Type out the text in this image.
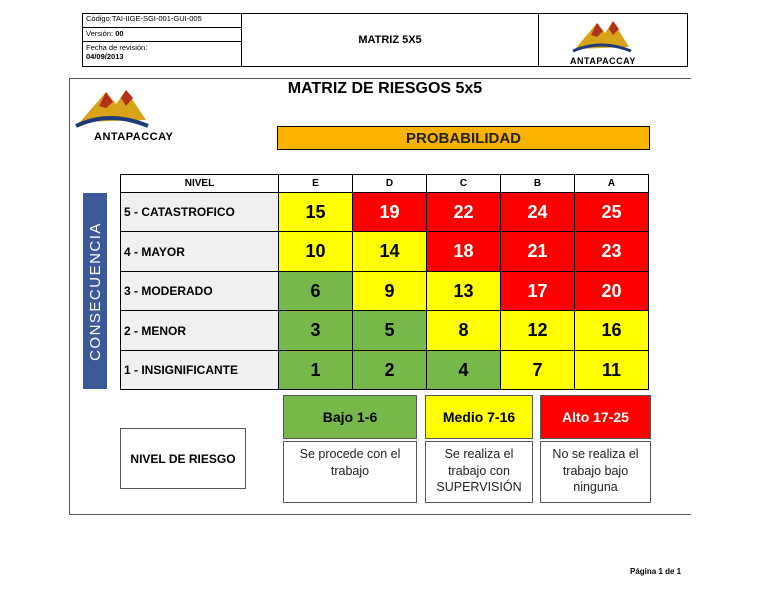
Código:TAI-IIGE-SGI-001-GUI-005
Versión: 00
Fecha de revisión:
04/09/2013
MATRIZ 5X5
ANTAPACCAY
ANTAPACCAY
MATRIZ DE RIESGOS 5x5
PROBABILIDAD
CONSECUENCIA
NIVEL	E	D	C	B	A
5 - CATASTROFICO	15	19	22	24	25
4 - MAYOR	10	14	18	21	23
3 - MODERADO	6	9	13	17	20
2 - MENOR	3	5	8	12	16
1 - INSIGNIFICANTE	1	2	4	7	11
NIVEL DE RIESGO
Bajo 1-6
Se procede con el trabajo
Medio 7-16
Se realiza el trabajo con SUPERVISIÓN
Alto 17-25
No se realiza el trabajo bajo ninguna
Página 1 de 1
